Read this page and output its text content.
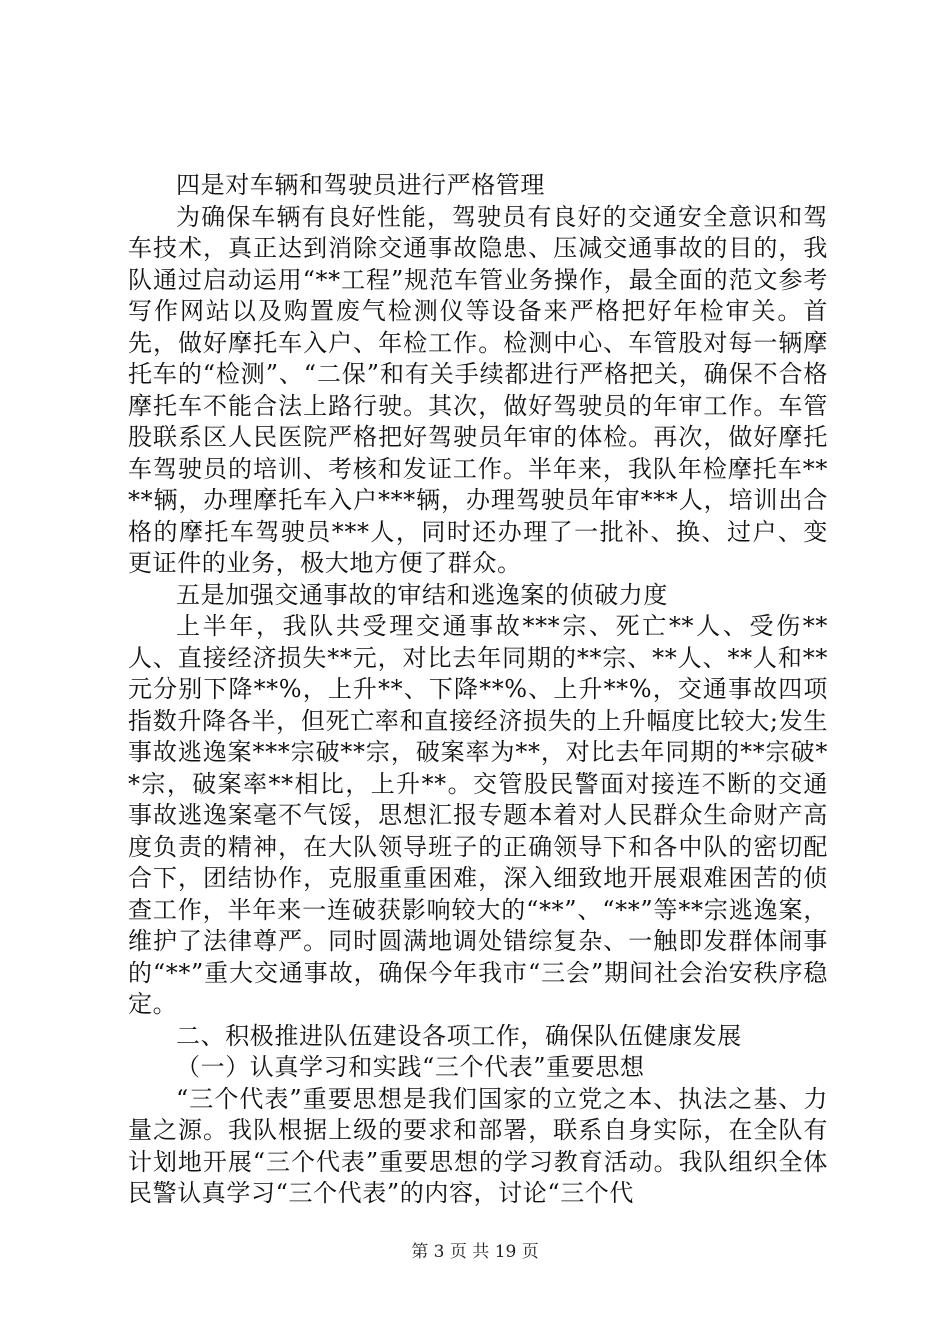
四是对车辆和驾驶员进行严格管理

为确保车辆有良好性能，驾驶员有良好的交通安全意识和驾车技术，真正达到消除交通事故隐患、压减交通事故的目的，我队通过启动运用“**工程”规范车管业务操作，最全面的范文参考写作网站以及购置废气检测仪等设备来严格把好年检审关。首先，做好摩托车入户、年检工作。检测中心、车管股对每一辆摩托车的“检测”、“二保”和有关手续都进行严格把关，确保不合格摩托车不能合法上路行驶。其次，做好驾驶员的年审工作。车管股联系区人民医院严格把好驾驶员年审的体检。再次，做好摩托车驾驶员的培训、考核和发证工作。半年来，我队年检摩托车****辆，办理摩托车入户***辆，办理驾驶员年审***人，培训出合格的摩托车驾驶员***人，同时还办理了一批补、换、过户、变更证件的业务，极大地方便了群众。

五是加强交通事故的审结和逃逸案的侦破力度

上半年，我队共受理交通事故***宗、死亡**人、受伤**人、直接经济损失**元，对比去年同期的**宗、**人、**人和**元分别下降**%，上升**、下降**%、上升**%，交通事故四项指数升降各半，但死亡率和直接经济损失的上升幅度比较大;发生事故逃逸案***宗破**宗，破案率为**，对比去年同期的**宗破**宗，破案率**相比，上升**。交管股民警面对接连不断的交通事故逃逸案毫不气馁，思想汇报专题本着对人民群众生命财产高度负责的精神，在大队领导班子的正确领导下和各中队的密切配合下，团结协作，克服重重困难，深入细致地开展艰难困苦的侦查工作，半年来一连破获影响较大的“**”、“**”等**宗逃逸案，维护了法律尊严。同时圆满地调处错综复杂、一触即发群体闹事的“**”重大交通事故，确保今年我市“三会”期间社会治安秩序稳定。

二、积极推进队伍建设各项工作，确保队伍健康发展

（一）认真学习和实践“三个代表”重要思想

“三个代表”重要思想是我们国家的立党之本、执法之基、力量之源。我队根据上级的要求和部署，联系自身实际，在全队有计划地开展“三个代表”重要思想的学习教育活动。我队组织全体民警认真学习“三个代表”的内容，讨论“三个代

第 3 页 共 19 页
